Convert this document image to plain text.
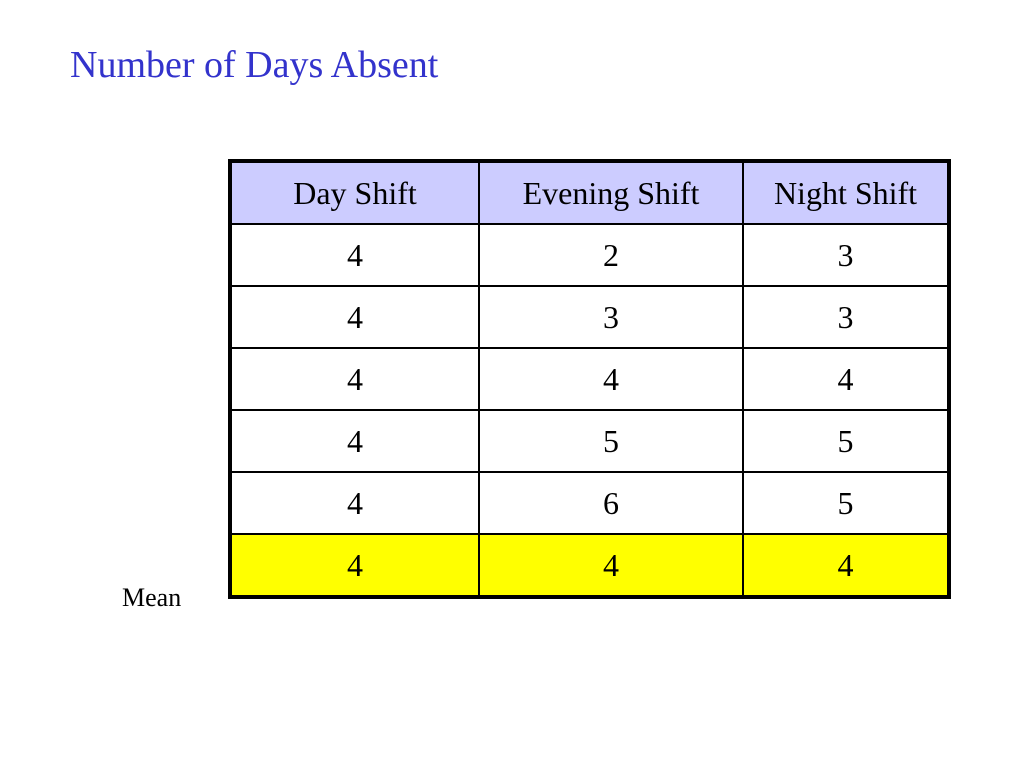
Number of Days Absent
Mean
Day Shift	Evening Shift	Night Shift
4	2	3
4	3	3
4	4	4
4	5	5
4	6	5
4	4	4
